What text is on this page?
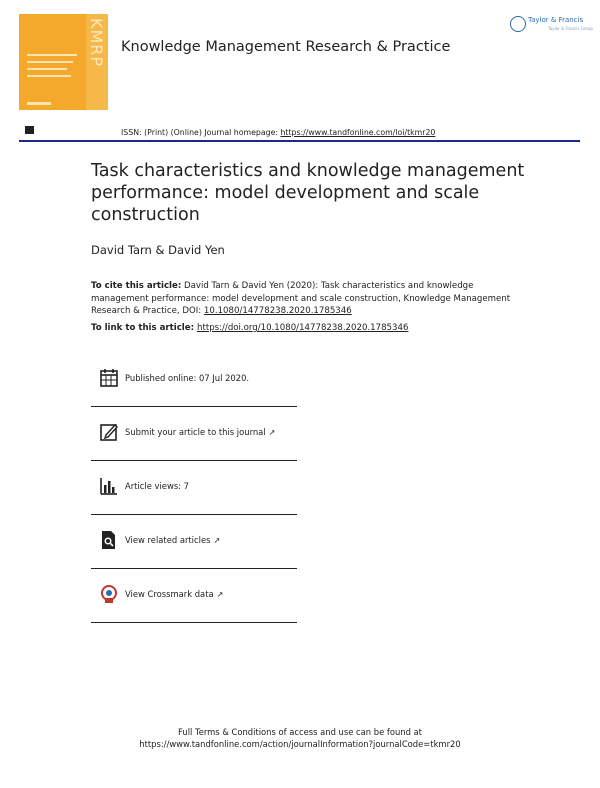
KMRP Knowledge Management Research & Practice
Taylor & Francis
Taylor & Francis Group
ISSN: (Print) (Online) Journal homepage: https://www.tandfonline.com/loi/tkmr20
Task characteristics and knowledge management performance: model development and scale construction
David Tarn & David Yen
To cite this article: David Tarn & David Yen (2020): Task characteristics and knowledge management performance: model development and scale construction, Knowledge Management Research & Practice, DOI: 10.1080/14778238.2020.1785346
To link to this article: https://doi.org/10.1080/14778238.2020.1785346
Published online: 07 Jul 2020.
Submit your article to this journal ↗
Article views: 7
View related articles ↗
View Crossmark data ↗
Full Terms & Conditions of access and use can be found at
https://www.tandfonline.com/action/journalInformation?journalCode=tkmr20
